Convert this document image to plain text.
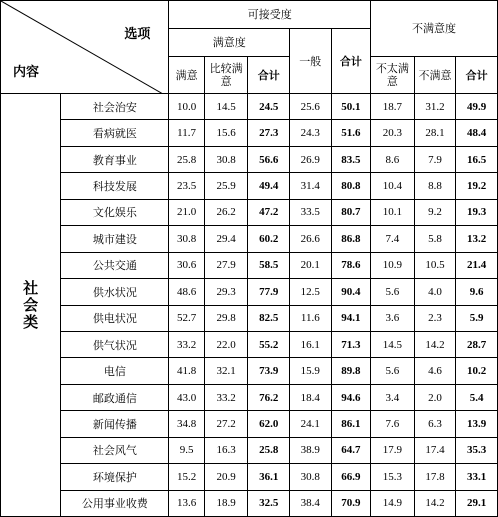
选项
内容		可接受度					不满意度		
		满意度			一般	合计			
		满意	比较满意	合计			不太满意	不满意	合计

社
会
类	社会治安	10.0	14.5	24.5	25.6	50.1	18.7	31.2	49.9
	看病就医	11.7	15.6	27.3	24.3	51.6	20.3	28.1	48.4
	教育事业	25.8	30.8	56.6	26.9	83.5	8.6	7.9	16.5
	科技发展	23.5	25.9	49.4	31.4	80.8	10.4	8.8	19.2
	文化娱乐	21.0	26.2	47.2	33.5	80.7	10.1	9.2	19.3
	城市建设	30.8	29.4	60.2	26.6	86.8	7.4	5.8	13.2
	公共交通	30.6	27.9	58.5	20.1	78.6	10.9	10.5	21.4
	供水状况	48.6	29.3	77.9	12.5	90.4	5.6	4.0	9.6
	供电状况	52.7	29.8	82.5	11.6	94.1	3.6	2.3	5.9
	供气状况	33.2	22.0	55.2	16.1	71.3	14.5	14.2	28.7
	电信	41.8	32.1	73.9	15.9	89.8	5.6	4.6	10.2
	邮政通信	43.0	33.2	76.2	18.4	94.6	3.4	2.0	5.4
	新闻传播	34.8	27.2	62.0	24.1	86.1	7.6	6.3	13.9
	社会风气	9.5	16.3	25.8	38.9	64.7	17.9	17.4	35.3
	环境保护	15.2	20.9	36.1	30.8	66.9	15.3	17.8	33.1
	公用事业收费	13.6	18.9	32.5	38.4	70.9	14.9	14.2	29.1
